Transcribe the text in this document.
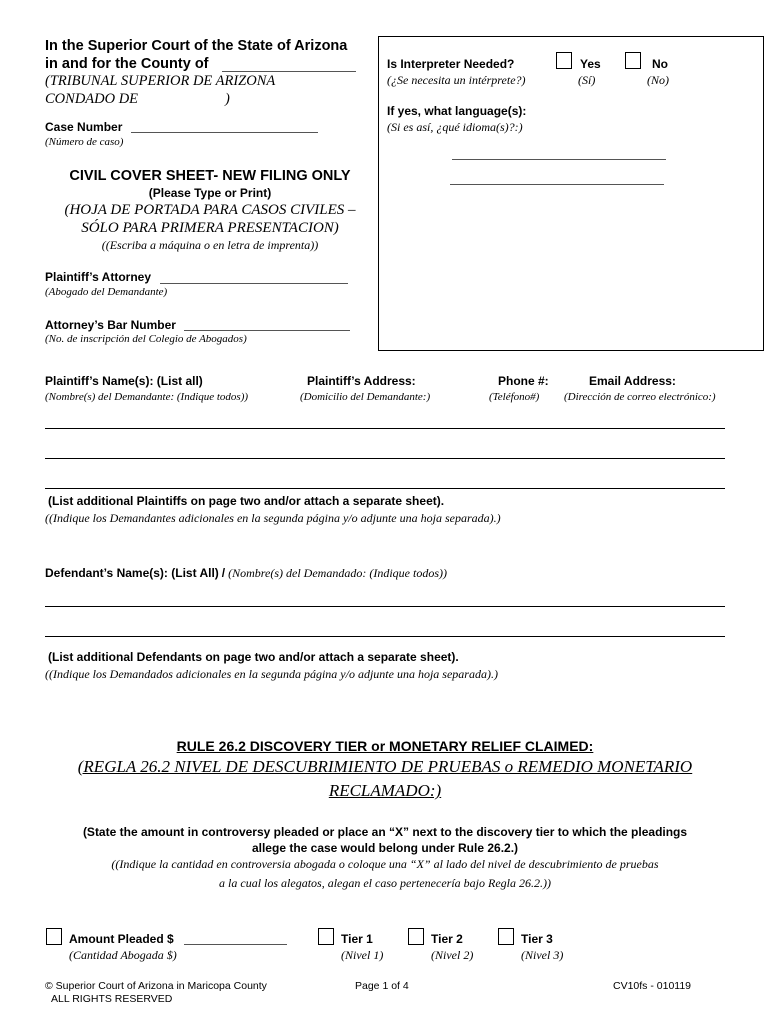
In the Superior Court of the State of Arizona
in and for the County of
(TRIBUNAL SUPERIOR DE ARIZONA
CONDADO DE	)
Case Number
(Número de caso)
Is Interpreter Needed?
(¿Se necesita un intérprete?)
Yes
(Sí)
No
(No)
If yes, what language(s):
(Si es así, ¿qué idioma(s)?:)
CIVIL COVER SHEET- NEW FILING ONLY
(Please Type or Print)
(HOJA DE PORTADA PARA CASOS CIVILES –
SÓLO PARA PRIMERA PRESENTACION)
((Escriba a máquina o en letra de imprenta))
Plaintiff’s Attorney
(Abogado del Demandante)
Attorney’s Bar Number
(No. de inscripción del Colegio de Abogados)
Plaintiff’s Name(s): (List all)
(Nombre(s) del Demandante: (Indique todos))
Plaintiff’s Address:
(Domicilio del Demandante:)
Phone #:
(Teléfono#)
Email Address:
(Dirección de correo electrónico:)
(List additional Plaintiffs on page two and/or attach a separate sheet).
((Indique los Demandantes adicionales en la segunda página y/o adjunte una hoja separada).)
Defendant’s Name(s): (List All) / (Nombre(s) del Demandado: (Indique todos))
(List additional Defendants on page two and/or attach a separate sheet).
((Indique los Demandados adicionales en la segunda página y/o adjunte una hoja separada).)
RULE 26.2 DISCOVERY TIER or MONETARY RELIEF CLAIMED:
(REGLA 26.2 NIVEL DE DESCUBRIMIENTO DE PRUEBAS o REMEDIO MONETARIO
RECLAMADO:)
(State the amount in controversy pleaded or place an “X” next to the discovery tier to which the pleadings
allege the case would belong under Rule 26.2.)
((Indique la cantidad en controversia abogada o coloque una “X” al lado del nivel de descubrimiento de pruebas
a la cual los alegatos, alegan el caso pertenecería bajo Regla 26.2.))
Amount Pleaded $
(Cantidad Abogada $)
Tier 1
(Nivel 1)
Tier 2
(Nivel 2)
Tier 3
(Nivel 3)
© Superior Court of Arizona in Maricopa County
ALL RIGHTS RESERVED
Page 1 of 4	CV10fs - 010119
